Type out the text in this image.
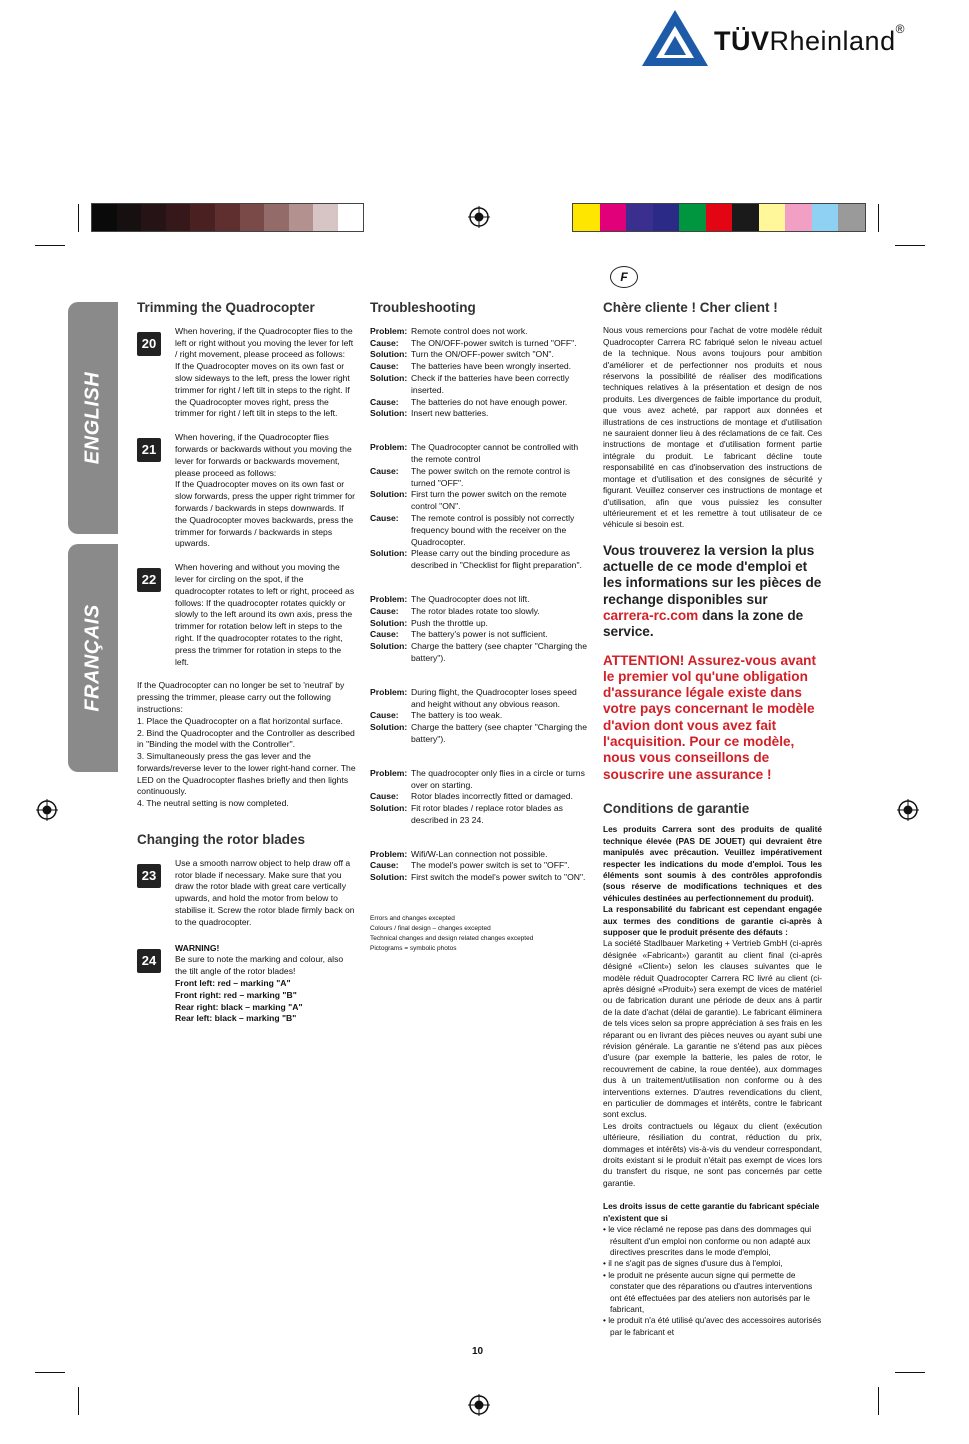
TÜVRheinland®
ENGLISH
FRANÇAIS
F
Trimming the Quadrocopter
20

When hovering, if the Quadrocopter flies to the left or right without you moving the lever for left / right movement, please proceed as follows:
If the Quadrocopter moves on its own fast or slow sideways to the left, press the lower right trimmer for right / left tilt in steps to the right. If the Quadrocopter moves right, press the trimmer for right / left tilt in steps to the left.

21

When hovering, if the Quadrocopter flies forwards or backwards without you moving the lever for forwards or backwards movement, please proceed as follows:
If the Quadrocopter moves on its own fast or slow forwards, press the upper right trimmer for forwards / backwards in steps downwards. If the Quadrocopter moves backwards, press the trimmer for forwards / backwards in steps upwards.

22

When hovering and without you moving the lever for circling on the spot, if the quadrocopter rotates to left or right, proceed as follows: If the quadrocopter rotates quickly or slowly to the left around its own axis, press the trimmer for rotation below left in steps to the right. If the quadrocopter rotates to the right, press the trimmer for rotation in steps to the left.

If the Quadrocopter can no longer be set to 'neutral' by pressing the trimmer, please carry out the following instructions:

1. Place the Quadrocopter on a flat horizontal surface.

2. Bind the Quadrocopter and the Controller as described in "Binding the model with the Controller".

3. Simultaneously press the gas lever and the forwards/reverse lever to the lower right-hand corner. The LED on the Quadrocopter flashes briefly and then lights continuously.

4. The neutral setting is now completed.

Changing the rotor blades
23

Use a smooth narrow object to help draw off a rotor blade if necessary. Make sure that you draw the rotor blade with great care vertically upwards, and hold the motor from below to stabilise it. Screw the rotor blade firmly back on to the quadrocopter.

24

WARNING!

Be sure to note the marking and colour, also the tilt angle of the rotor blades!

Front left: red – marking "A"

Front right: red – marking "B"

Rear right: black – marking "A"

Rear left: black – marking "B"

Troubleshooting
Problem: Remote control does not work.
Cause:	The ON/OFF-power switch is turned "OFF".
Solution: Turn the ON/OFF-power switch "ON".
Cause:	The batteries have been wrongly inserted.
Solution: Check if the batteries have been correctly inserted.
Cause:	The batteries do not have enough power.
Solution: Insert new batteries.
Problem: The Quadrocopter cannot be controlled with the remote control
Cause:	The power switch on the remote control is turned "OFF".
Solution: First turn the power switch on the remote control "ON".
Cause:	The remote control is possibly not correctly frequency bound with the receiver on the Quadrocopter.
Solution: Please carry out the binding procedure as described in "Checklist for flight preparation".
Problem: The Quadrocopter does not lift.
Cause:	The rotor blades rotate too slowly.
Solution: Push the throttle up.
Cause:	The battery's power is not sufficient.
Solution: Charge the battery (see chapter "Charging the battery").
Problem: During flight, the Quadrocopter loses speed and height without any obvious reason.
Cause:	The battery is too weak.
Solution: Charge the battery (see chapter "Charging the battery").
Problem: The quadrocopter only flies in a circle or turns over on starting.
Cause:	Rotor blades incorrectly fitted or damaged.
Solution: Fit rotor blades / replace rotor blades as described in 23 24.
Problem: Wifi/W-Lan connection not possible.
Cause:	The model's power switch is set to "OFF".
Solution: First switch the model's power switch to "ON".

Errors and changes excepted

Colours / final design – changes excepted

Technical changes and design related changes excepted

Pictograms = symbolic photos

Chère cliente ! Cher client !

Nous vous remercions pour l'achat de votre modèle réduit Quadrocopter Carrera RC fabriqué selon le niveau actuel de la technique. Nous avons toujours pour ambition d'améliorer et de perfectionner nos produits et nous réservons la possibilité de réaliser des modifications techniques relatives à la présentation et design de nos produits. Les divergences de faible importance du produit, que vous avez acheté, par rapport aux données et illustrations de ces instructions de montage et d'utilisation ne sauraient donner lieu à des réclamations de ce fait. Ces instructions de montage et d'utilisation forment partie intégrale du produit. Le fabricant décline toute responsabilité en cas d'inobservation des instructions de montage et d'utilisation et des consignes de sécurité y figurant. Veuillez conserver ces instructions de montage et d'utilisation, afin que vous puissiez les consulter ultérieurement et et les remettre à tout utilisateur de ce véhicule si besoin est.

Vous trouverez la version la plus actuelle de ce mode d'emploi et les informations sur les pièces de rechange disponibles sur carrera-rc.com dans la zone de service.

ATTENTION! Assurez-vous avant le premier vol qu'une obligation d'assurance légale existe dans votre pays concernant le modèle d'avion dont vous avez fait l'acquisition. Pour ce modèle, nous vous conseillons de souscrire une assurance !

Conditions de garantie

Les produits Carrera sont des produits de qualité technique élevée (PAS DE JOUET) qui devraient être manipulés avec précaution. Veuillez impérativement respecter les indications du mode d'emploi. Tous les éléments sont soumis à des contrôles approfondis (sous réserve de modifications techniques et des véhicules destinées au perfectionnement du produit).

La responsabilité du fabricant est cependant engagée aux termes des conditions de garantie ci-après à supposer que le produit présente des défauts :

La société Stadlbauer Marketing + Vertrieb GmbH (ci-après désignée «Fabricant») garantit au client final (ci-après désigné «Client») selon les clauses suivantes que le modèle réduit Quadrocopter Carrera RC livré au client (ci-après désigné «Produit») sera exempt de vices de matériel ou de fabrication durant une période de deux ans à partir de la date d'achat (délai de garantie). Le fabricant éliminera de tels vices selon sa propre appréciation à ses frais en les réparant ou en livrant des pièces neuves ou ayant subi une révision générale. La garantie ne s'étend pas aux pièces d'usure (par exemple la batterie, les pales de rotor, le recouvrement de cabine, la roue dentée), aux dommages dus à un traitement/utilisation non conforme ou à des interventions externes. D'autres revendications du client, en particulier de dommages et intérêts, contre le fabricant sont exclus.

Les droits contractuels ou légaux du client (exécution ultérieure, résiliation du contrat, réduction du prix, dommages et intérêts) vis-à-vis du vendeur correspondant, droits existant si le produit n'était pas exempt de vices lors du transfert du risque, ne sont pas concernés par cette garantie.

Les droits issus de cette garantie du fabricant spéciale n'existent que si

• le vice réclamé ne repose pas dans des dommages qui résultent d'un emploi non conforme ou non adapté aux directives prescrites dans le mode d'emploi,

• il ne s'agit pas de signes d'usure dus à l'emploi,

• le produit ne présente aucun signe qui permette de constater que des réparations ou d'autres interventions ont été effectuées par des ateliers non autorisés par le fabricant,

• le produit n'a été utilisé qu'avec des accessoires autorisés par le fabricant et

10
